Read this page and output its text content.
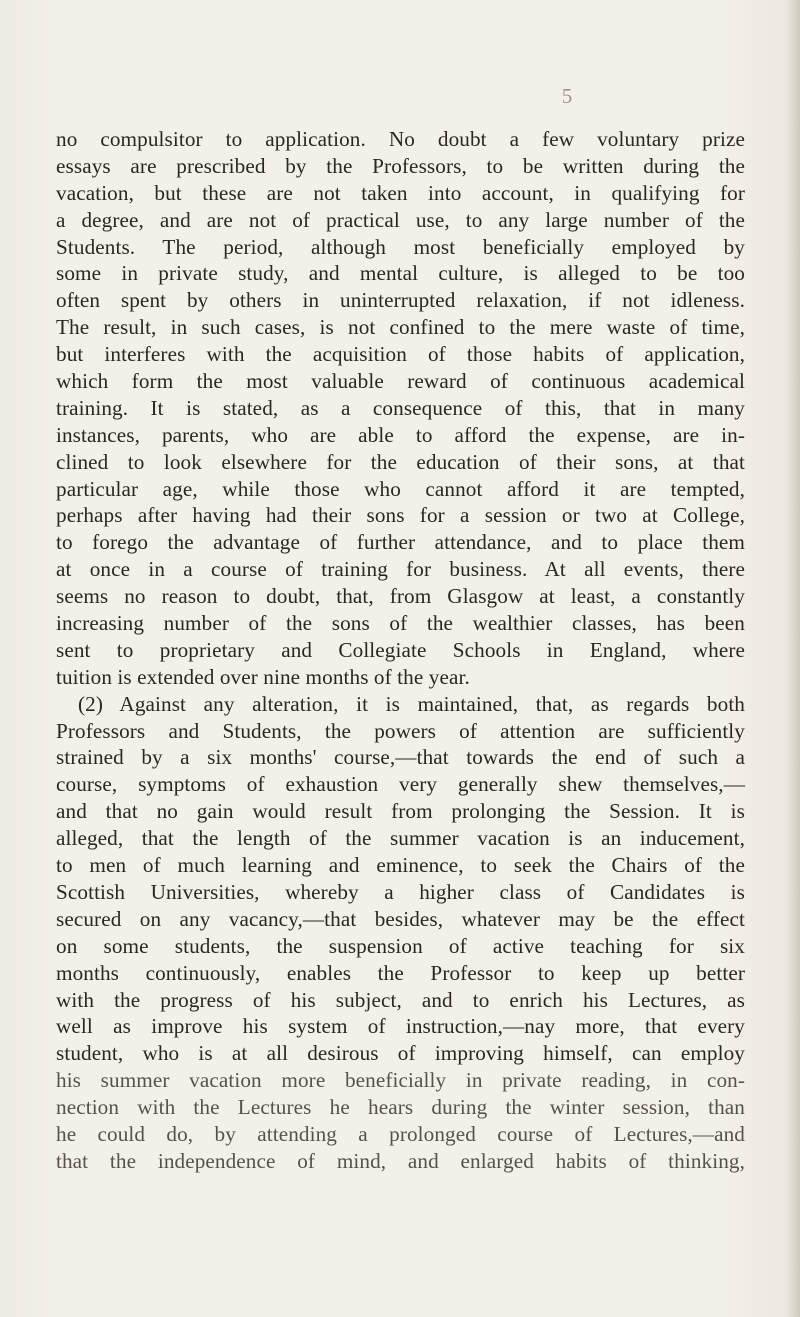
5
no compulsitor to application. No doubt a few voluntary prize
essays are prescribed by the Professors, to be written during the
vacation, but these are not taken into account, in qualifying for
a degree, and are not of practical use, to any large number of the
Students. The period, although most beneficially employed by
some in private study, and mental culture, is alleged to be too
often spent by others in uninterrupted relaxation, if not idleness.
The result, in such cases, is not confined to the mere waste of time,
but interferes with the acquisition of those habits of application,
which form the most valuable reward of continuous academical
training. It is stated, as a consequence of this, that in many
instances, parents, who are able to afford the expense, are in-
clined to look elsewhere for the education of their sons, at that
particular age, while those who cannot afford it are tempted,
perhaps after having had their sons for a session or two at College,
to forego the advantage of further attendance, and to place them
at once in a course of training for business. At all events, there
seems no reason to doubt, that, from Glasgow at least, a constantly
increasing number of the sons of the wealthier classes, has been
sent to proprietary and Collegiate Schools in England, where
tuition is extended over nine months of the year.
(2) Against any alteration, it is maintained, that, as regards both
Professors and Students, the powers of attention are sufficiently
strained by a six months' course,—that towards the end of such a
course, symptoms of exhaustion very generally shew themselves,—
and that no gain would result from prolonging the Session. It is
alleged, that the length of the summer vacation is an inducement,
to men of much learning and eminence, to seek the Chairs of the
Scottish Universities, whereby a higher class of Candidates is
secured on any vacancy,—that besides, whatever may be the effect
on some students, the suspension of active teaching for six
months continuously, enables the Professor to keep up better
with the progress of his subject, and to enrich his Lectures, as
well as improve his system of instruction,—nay more, that every
student, who is at all desirous of improving himself, can employ
his summer vacation more beneficially in private reading, in con-
nection with the Lectures he hears during the winter session, than
he could do, by attending a prolonged course of Lectures,—and
that the independence of mind, and enlarged habits of thinking,
